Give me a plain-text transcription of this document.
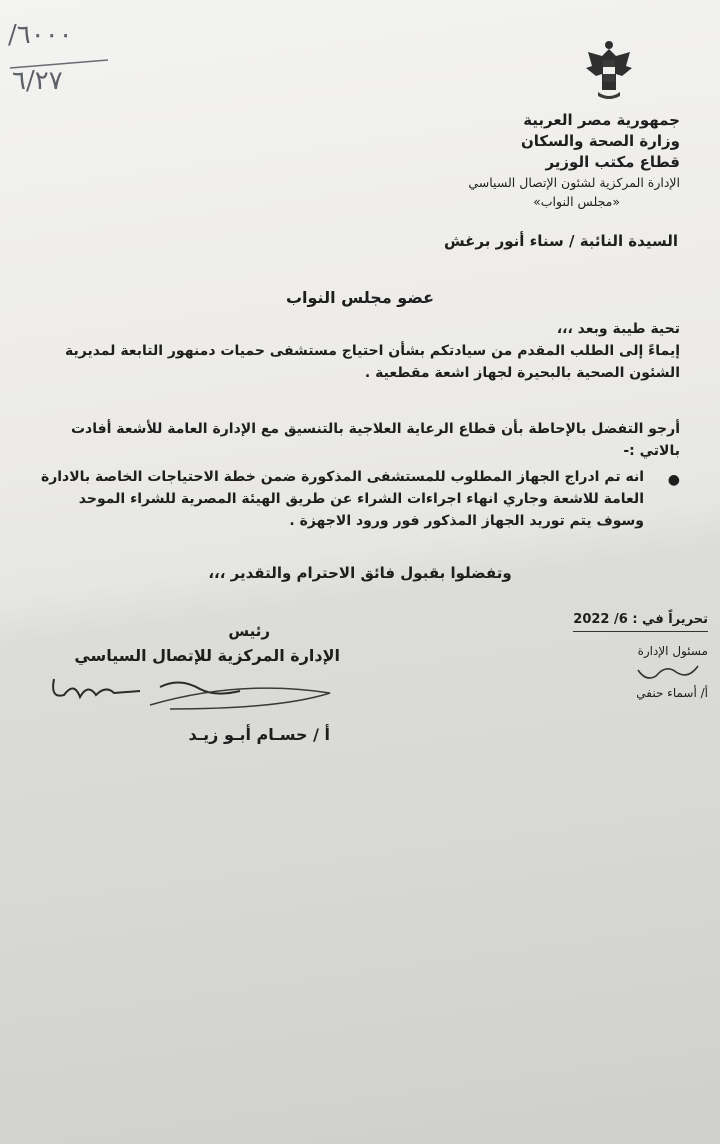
/٦٠٠٠
٦/٢٧
جمهورية مصر العربية
وزارة الصحة والسكان
قطاع مكتب الوزير
الإدارة المركزية لشئون الإتصال السياسي
«مجلس النواب»
السيدة النائبة / سناء أنور برغش
عضو مجلس النواب
تحية طيبة وبعد ،،،
إيماءً إلى الطلب المقدم من سيادتكم بشأن احتياج مستشفى حميات دمنهور التابعة لمديرية الشئون الصحية بالبحيرة لجهاز اشعة مقطعية .
أرجو التفضل بالإحاطة بأن قطاع الرعاية العلاجية بالتنسيق مع الإدارة العامة للأشعة أفادت بالاتي :-
●
انه تم ادراج الجهاز المطلوب للمستشفى المذكورة ضمن خطة الاحتياجات الخاصة بالادارة العامة للاشعة وجاري انهاء اجراءات الشراء عن طريق الهيئة المصرية للشراء الموحد وسوف يتم توريد الجهاز المذكور فور ورود الاجهزة .
وتفضلوا بقبول فائق الاحترام والتقدير ،،،
رئيس
الإدارة المركزية للإتصال السياسي
أ / حسـام أبـو زيـد
تحريراً في : 6/ 2022
مسئول الإدارة
أ/ أسماء حنفي
